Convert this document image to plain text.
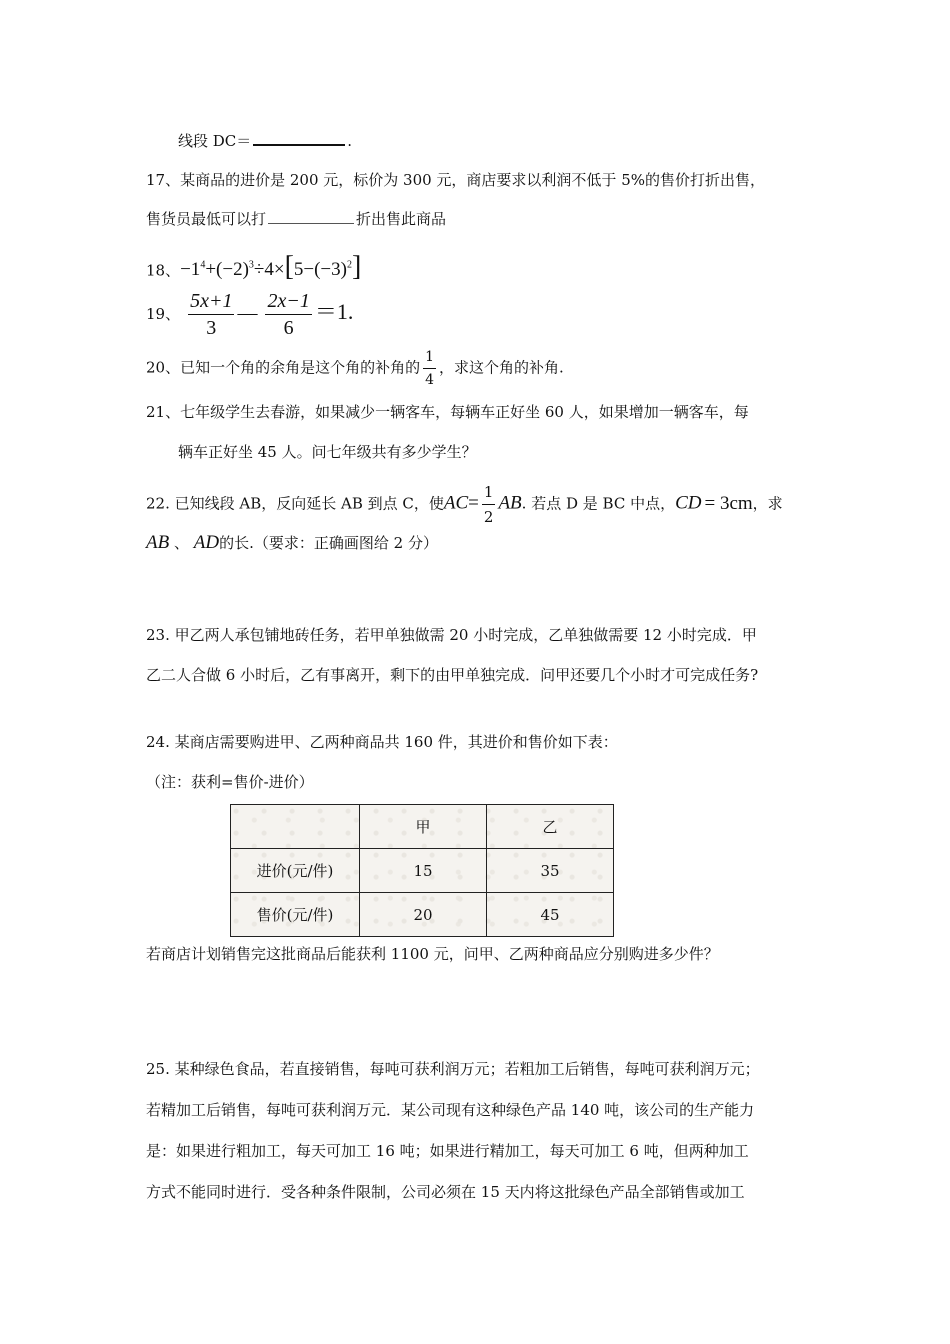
线段 DC＝	.
17、某商品的进价是 200 元，标价为 300 元，商店要求以利润不低于 5%的售价打折出售，
售货员最低可以打	折出售此商品
18、$-1^4+(-2)^3\div 4\times[5-(-3)^2]$
19、 $\frac{5x+1}{3}$ — $\frac{2x-1}{6} =1$.
20、已知一个角的余角是这个角的补角的 $\frac{1}{4}$ ，求这个角的补角.
21、七年级学生去春游，如果减少一辆客车，每辆车正好坐 60 人，如果增加一辆客车，每
辆车正好坐 45 人。问七年级共有多少学生？
22. 已知线段 AB，反向延长 AB 到点 C，使$AC= \frac{1}{2}$ AB. 若点 D 是 BC 中点，CD = 3cm，求
AB 、 AD的长.（要求：正确画图给 2 分）
23. 甲乙两人承包铺地砖任务，若甲单独做需 20 小时完成，乙单独做需要 12 小时完成．甲
乙二人合做 6 小时后，乙有事离开，剩下的由甲单独完成．问甲还要几个小时才可完成任务?
24. 某商店需要购进甲、乙两种商品共 160 件，其进价和售价如下表：
（注：获利=售价-进价）
	甲	乙
进价(元/件)	15	35
售价(元/件)	20	45
若商店计划销售完这批商品后能获利 1100 元，问甲、乙两种商品应分别购进多少件？
25. 某种绿色食品，若直接销售，每吨可获利润万元；若粗加工后销售，每吨可获利润万元；
若精加工后销售，每吨可获利润万元．某公司现有这种绿色产品 140 吨，该公司的生产能力
是：如果进行粗加工，每天可加工 16 吨；如果进行精加工，每天可加工 6 吨，但两种加工
方式不能同时进行．受各种条件限制，公司必须在 15 天内将这批绿色产品全部销售或加工
